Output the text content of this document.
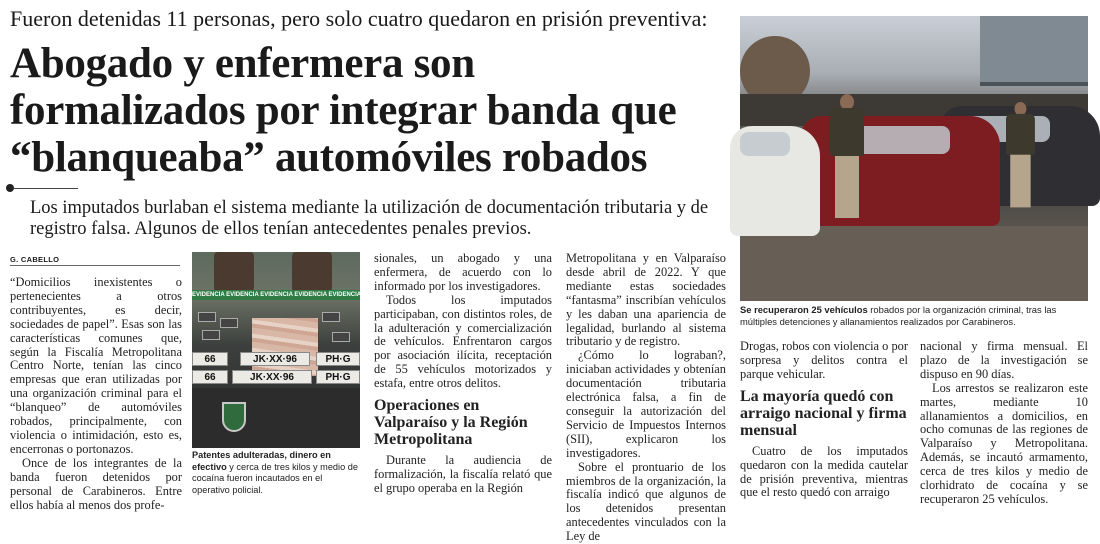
Fueron detenidas 11 personas, pero solo cuatro quedaron en prisión preventiva:
Abogado y enfermera son
formalizados por integrar banda que
“blanqueaba” automóviles robados
Los imputados burlaban el sistema mediante la utilización de documentación tributaria y de registro falsa. Algunos de ellos tenían antecedentes penales previos.
G. CABELLO

“Domicilios inexistentes o pertenecientes a otros contribuyentes, es decir, sociedades de papel”. Esas son las características comunes que, según la Fiscalía Metropolitana Centro Norte, tenían las cinco empresas que eran utilizadas por una organización criminal para el “blanqueo” de automóviles robados, principalmente, con violencia o intimidación, esto es, encerronas o portonazos.

Once de los integrantes de la banda fueron detenidos por personal de Carabineros. Entre ellos había al menos dos profe-

EVIDENCIA EVIDENCIA EVIDENCIA EVIDENCIA EVIDENCIA
JK·XX·96
JK·XX·96
PH·G
PH·G
66
66
Patentes adulteradas, dinero en efectivo y cerca de tres kilos y medio de cocaína fueron incautados en el operativo policial.

sionales, un abogado y una enfermera, de acuerdo con lo informado por los investigadores.

Todos los imputados participaban, con distintos roles, de la adulteración y comercialización de vehículos. Enfrentaron cargos por asociación ilícita, receptación de 55 vehículos motorizados y estafa, entre otros delitos.

Operaciones en Valparaíso y la Región Metropolitana

Durante la audiencia de formalización, la fiscalía relató que el grupo operaba en la Región

Metropolitana y en Valparaíso desde abril de 2022. Y que mediante estas sociedades “fantasma” inscribían vehículos y les daban una apariencia de legalidad, burlando al sistema tributario y de registro.

¿Cómo lo lograban?, iniciaban actividades y obtenían documentación tributaria electrónica falsa, a fin de conseguir la autorización del Servicio de Impuestos Internos (SII), explicaron los investigadores.

Sobre el prontuario de los miembros de la organización, la fiscalía indicó que algunos de los detenidos presentan antecedentes vinculados con la Ley de

Se recuperaron 25 vehículos robados por la organización criminal, tras las múltiples detenciones y allanamientos realizados por Carabineros.

Drogas, robos con violencia o por sorpresa y delitos contra el parque vehicular.

La mayoría quedó con arraigo nacional y firma mensual

Cuatro de los imputados quedaron con la medida cautelar de prisión preventiva, mientras que el resto quedó con arraigo

nacional y firma mensual. El plazo de la investigación se dispuso en 90 días.

Los arrestos se realizaron este martes, mediante 10 allanamientos a domicilios, en ocho comunas de las regiones de Valparaíso y Metropolitana. Además, se incautó armamento, cerca de tres kilos y medio de clorhidrato de cocaína y se recuperaron 25 vehículos.
